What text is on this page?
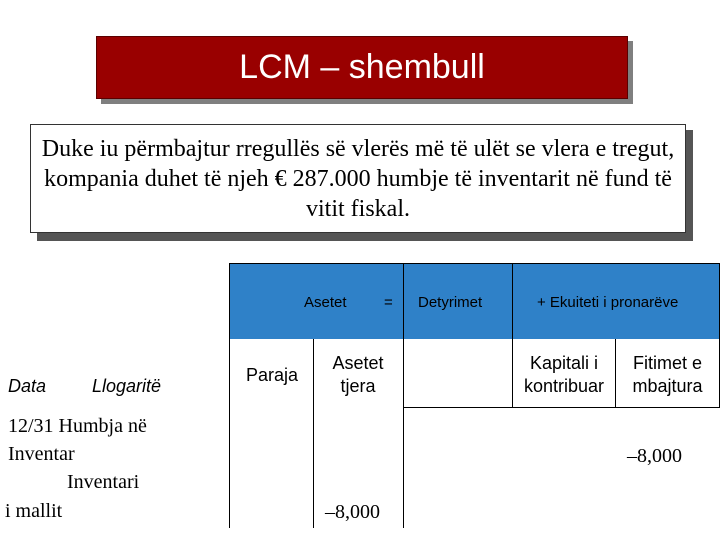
LCM – shembull
Duke iu përmbajtur rregullës së vlerës më të ulët se vlera e tregut, kompania duhet të njeh € 287.000 humbje të inventarit në fund të vitit fiskal.
Asetet = Detyrimet	+ Ekuiteti i pronarëve
Data	Llogaritë
Paraja
Asetet
tjera
Kapitali i
kontribuar
Fitimet e
mbajtura
12/31 Humbja në
Inventar
Inventari
i mallit
–8,000
–8,000
